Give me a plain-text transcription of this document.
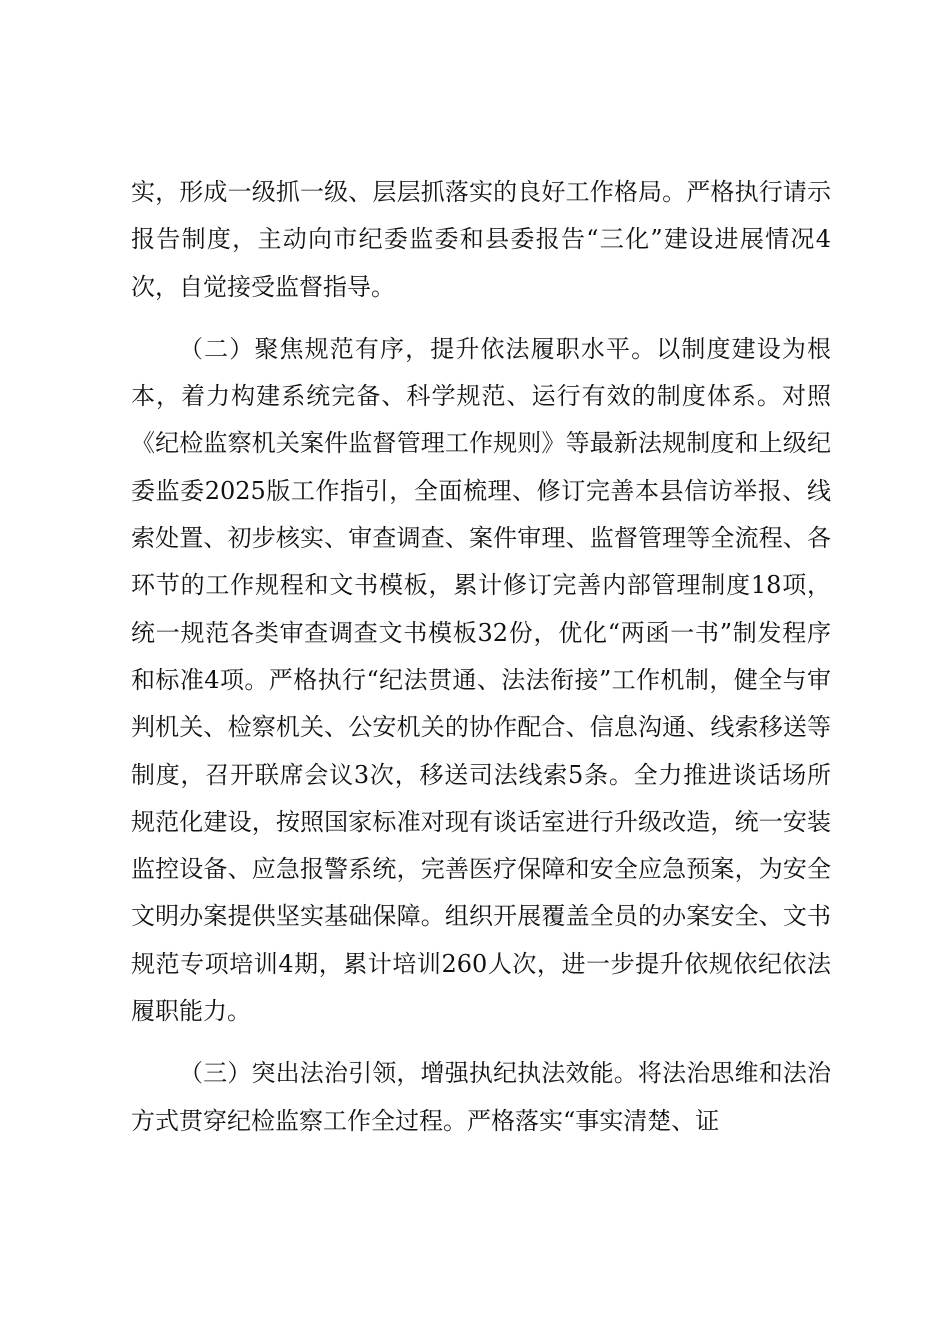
实，形成一级抓一级、层层抓落实的良好工作格局。严格执行请示报告制度，主动向市纪委监委和县委报告“三化”建设进展情况4次，自觉接受监督指导。

（二）聚焦规范有序，提升依法履职水平。以制度建设为根本，着力构建系统完备、科学规范、运行有效的制度体系。对照《纪检监察机关案件监督管理工作规则》等最新法规制度和上级纪委监委2025版工作指引，全面梳理、修订完善本县信访举报、线索处置、初步核实、审查调查、案件审理、监督管理等全流程、各环节的工作规程和文书模板，累计修订完善内部管理制度18项，统一规范各类审查调查文书模板32份，优化“两函一书”制发程序和标准4项。严格执行“纪法贯通、法法衔接”工作机制，健全与审判机关、检察机关、公安机关的协作配合、信息沟通、线索移送等制度，召开联席会议3次，移送司法线索5条。全力推进谈话场所规范化建设，按照国家标准对现有谈话室进行升级改造，统一安装监控设备、应急报警系统，完善医疗保障和安全应急预案，为安全文明办案提供坚实基础保障。组织开展覆盖全员的办案安全、文书规范专项培训4期，累计培训260人次，进一步提升依规依纪依法履职能力。

（三）突出法治引领，增强执纪执法效能。将法治思维和法治方式贯穿纪检监察工作全过程。严格落实“事实清楚、证
